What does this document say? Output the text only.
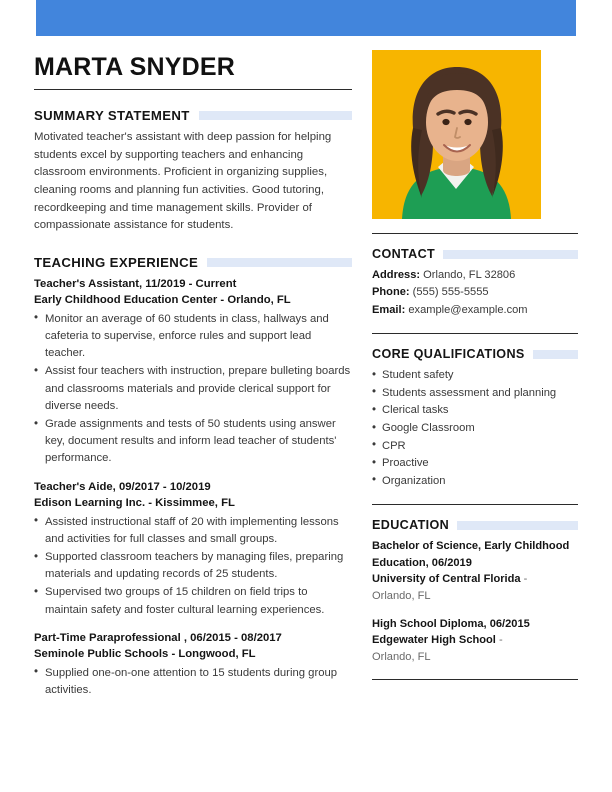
MARTA SNYDER
SUMMARY STATEMENT

Motivated teacher's assistant with deep passion for helping students excel by supporting teachers and enhancing classroom environments. Proficient in organizing supplies, cleaning rooms and planning fun activities. Good tutoring, recordkeeping and time management skills. Provider of compassionate assistance for students.

TEACHING EXPERIENCE
Teacher's Assistant, 11/2019 - Current
Early Childhood Education Center - Orlando, FL
• Monitor an average of 60 students in class, hallways and cafeteria to supervise, enforce rules and support lead teacher.
• Assist four teachers with instruction, prepare bulleting boards and classrooms materials and provide clerical support for diverse needs.
• Grade assignments and tests of 50 students using answer key, document results and inform lead teacher of students' performance.
Teacher's Aide, 09/2017 - 10/2019
Edison Learning Inc. - Kissimmee, FL
• Assisted instructional staff of 20 with implementing lessons and activities for full classes and small groups.
• Supported classroom teachers by managing files, preparing materials and updating records of 25 students.
• Supervised two groups of 15 children on field trips to maintain safety and foster cultural learning experiences.
Part-Time Paraprofessional , 06/2015 - 08/2017
Seminole Public Schools - Longwood, FL
• Supplied one-on-one attention to 15 students during group activities.
CONTACT
Address: Orlando, FL 32806
Phone: (555) 555-5555
Email: example@example.com
CORE QUALIFICATIONS
• Student safety
• Students assessment and planning
• Clerical tasks
• Google Classroom
• CPR
• Proactive
• Organization
EDUCATION
Bachelor of Science, Early Childhood Education, 06/2019
University of Central Florida -
Orlando, FL
High School Diploma, 06/2015
Edgewater High School -
Orlando, FL
